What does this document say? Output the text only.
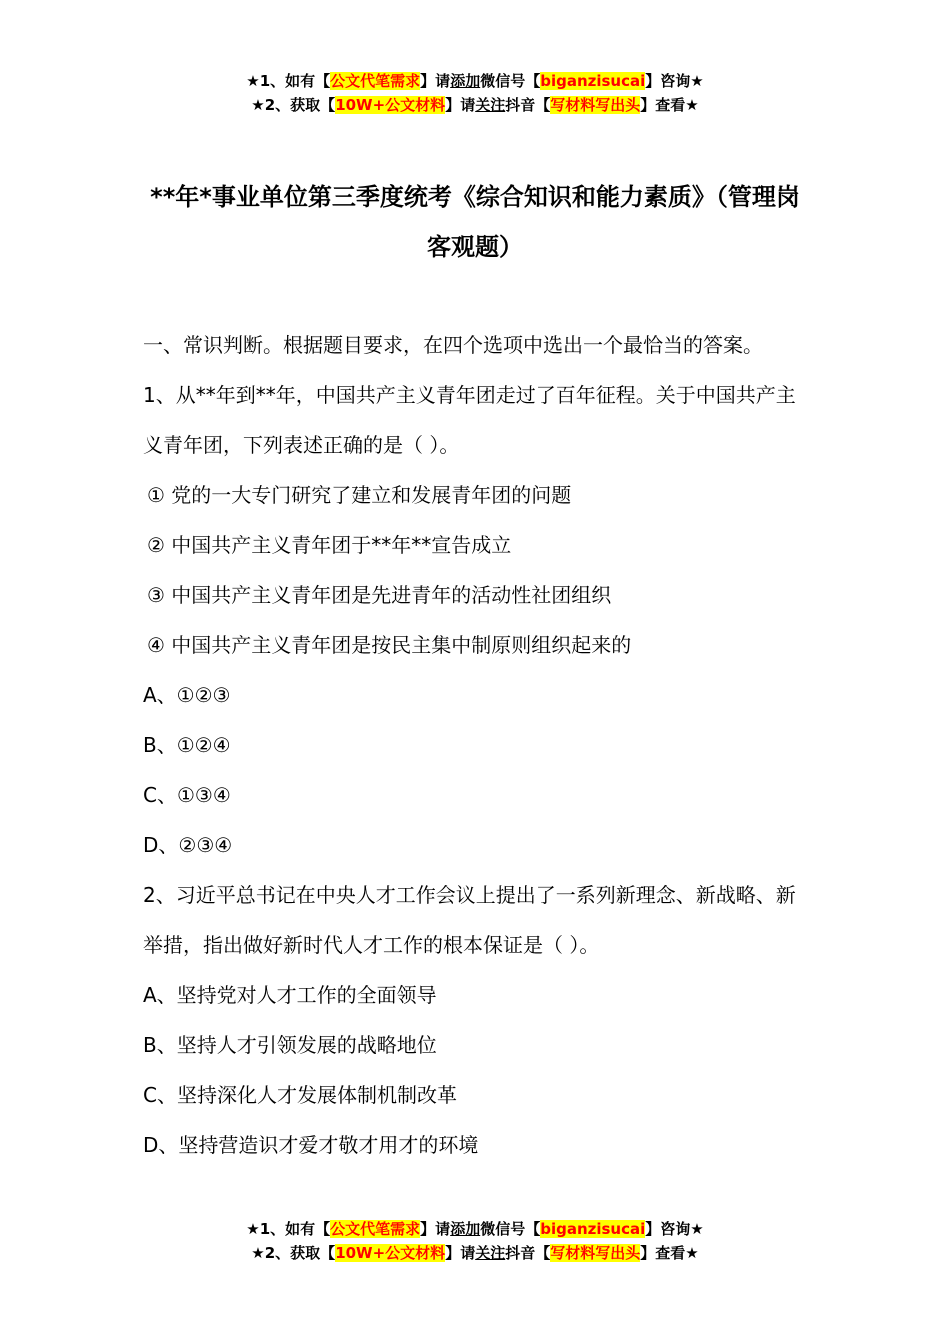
★1、如有【公文代笔需求】请添加微信号【biganzisucai】咨询★
★2、获取【10W+公文材料】请关注抖音【写材料写出头】查看★
**年*事业单位第三季度统考《综合知识和能力素质》（管理岗客观题）

一、常识判断。根据题目要求，在四个选项中选出一个最恰当的答案。

1、从**年到**年，中国共产主义青年团走过了百年征程。关于中国共产主义青年团，下列表述正确的是（ ）。

① 党的一大专门研究了建立和发展青年团的问题

② 中国共产主义青年团于**年**宣告成立

③ 中国共产主义青年团是先进青年的活动性社团组织

④ 中国共产主义青年团是按民主集中制原则组织起来的

A、①②③

B、①②④

C、①③④

D、②③④

2、习近平总书记在中央人才工作会议上提出了一系列新理念、新战略、新举措，指出做好新时代人才工作的根本保证是（ ）。

A、坚持党对人才工作的全面领导

B、坚持人才引领发展的战略地位

C、坚持深化人才发展体制机制改革

D、坚持营造识才爱才敬才用才的环境

★1、如有【公文代笔需求】请添加微信号【biganzisucai】咨询★
★2、获取【10W+公文材料】请关注抖音【写材料写出头】查看★
